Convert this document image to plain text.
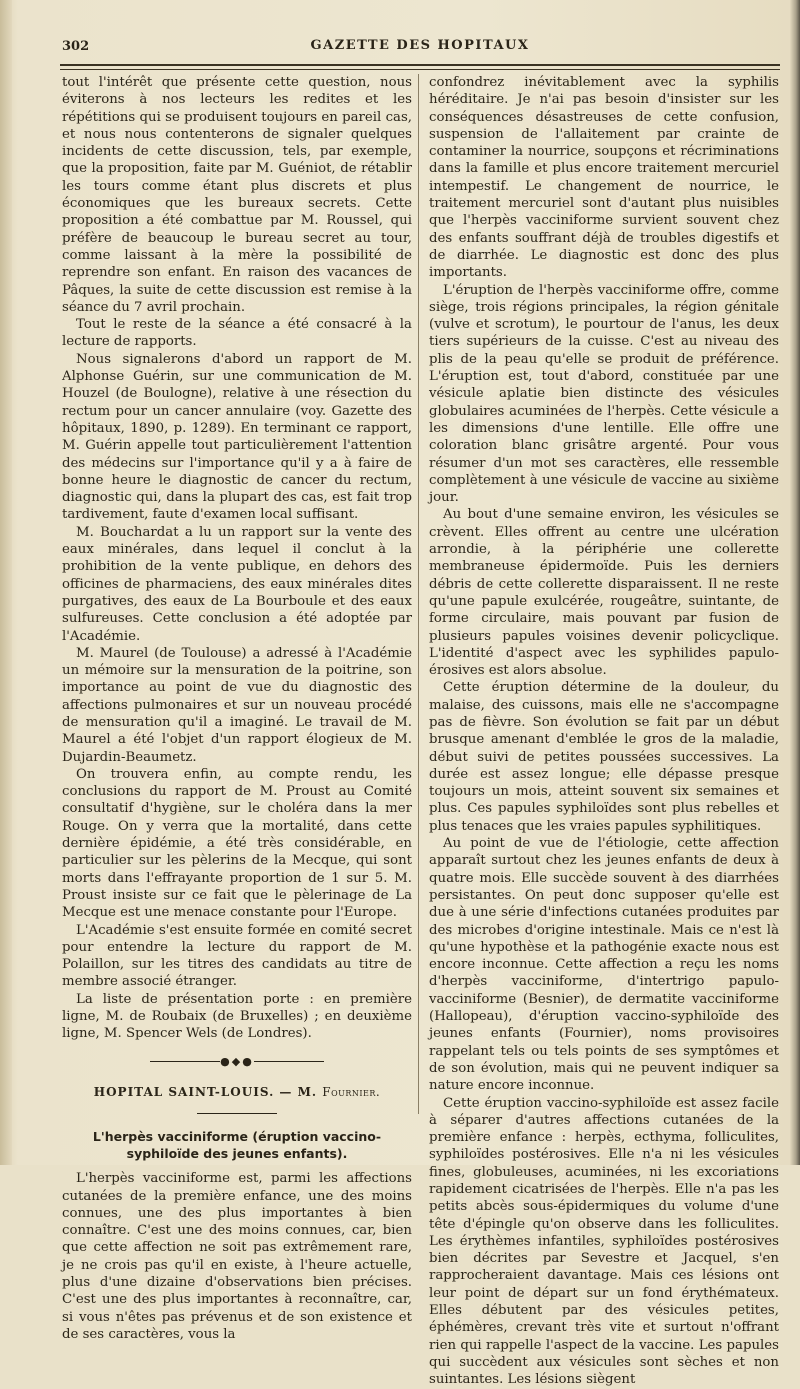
302	GAZETTE DES HOPITAUX

tout l'intérêt que présente cette question, nous éviterons à nos lecteurs les redites et les répétitions qui se produisent toujours en pareil cas, et nous nous contenterons de signaler quelques incidents de cette discussion, tels, par exemple, que la proposition, faite par M. Guéniot, de rétablir les tours comme étant plus discrets et plus économiques que les bureaux secrets. Cette proposition a été combattue par M. Roussel, qui préfère de beaucoup le bureau secret au tour, comme laissant à la mère la possibilité de reprendre son enfant. En raison des vacances de Pâques, la suite de cette discussion est remise à la séance du 7 avril prochain.

Tout le reste de la séance a été consacré à la lecture de rapports.

Nous signalerons d'abord un rapport de M. Alphonse Guérin, sur une communication de M. Houzel (de Boulogne), relative à une résection du rectum pour un cancer annulaire (voy. Gazette des hôpitaux, 1890, p. 1289). En terminant ce rapport, M. Guérin appelle tout particulièrement l'attention des médecins sur l'importance qu'il y a à faire de bonne heure le diagnostic de cancer du rectum, diagnostic qui, dans la plupart des cas, est fait trop tardivement, faute d'examen local suffisant.

M. Bouchardat a lu un rapport sur la vente des eaux minérales, dans lequel il conclut à la prohibition de la vente publique, en dehors des officines de pharmaciens, des eaux minérales dites purgatives, des eaux de La Bourboule et des eaux sulfureuses. Cette conclusion a été adoptée par l'Académie.

M. Maurel (de Toulouse) a adressé à l'Académie un mémoire sur la mensuration de la poitrine, son importance au point de vue du diagnostic des affections pulmonaires et sur un nouveau procédé de mensuration qu'il a imaginé. Le travail de M. Maurel a été l'objet d'un rapport élogieux de M. Dujardin-Beaumetz.

On trouvera enfin, au compte rendu, les conclusions du rapport de M. Proust au Comité consultatif d'hygiène, sur le choléra dans la mer Rouge. On y verra que la mortalité, dans cette dernière épidémie, a été très considérable, en particulier sur les pèlerins de la Mecque, qui sont morts dans l'effrayante proportion de 1 sur 5. M. Proust insiste sur ce fait que le pèlerinage de La Mecque est une menace constante pour l'Europe.

L'Académie s'est ensuite formée en comité secret pour entendre la lecture du rapport de M. Polaillon, sur les titres des candidats au titre de membre associé étranger.

La liste de présentation porte : en première ligne, M. de Roubaix (de Bruxelles) ; en deuxième ligne, M. Spencer Wels (de Londres).

●◆●
HOPITAL SAINT-LOUIS. — M. Fournier.
L'herpès vacciniforme (éruption vaccino-syphiloïde des jeunes enfants).

L'herpès vacciniforme est, parmi les affections cutanées de la première enfance, une des moins connues, une des plus importantes à bien connaître. C'est une des moins connues, car, bien que cette affection ne soit pas extrêmement rare, je ne crois pas qu'il en existe, à l'heure actuelle, plus d'une dizaine d'observations bien précises. C'est une des plus importantes à reconnaître, car, si vous n'êtes pas prévenus et de son existence et de ses caractères, vous la

confondrez inévitablement avec la syphilis héréditaire. Je n'ai pas besoin d'insister sur les conséquences désastreuses de cette confusion, suspension de l'allaitement par crainte de contaminer la nourrice, soupçons et récriminations dans la famille et plus encore traitement mercuriel intempestif. Le changement de nourrice, le traitement mercuriel sont d'autant plus nuisibles que l'herpès vacciniforme survient souvent chez des enfants souffrant déjà de troubles digestifs et de diarrhée. Le diagnostic est donc des plus importants.

L'éruption de l'herpès vacciniforme offre, comme siège, trois régions principales, la région génitale (vulve et scrotum), le pourtour de l'anus, les deux tiers supérieurs de la cuisse. C'est au niveau des plis de la peau qu'elle se produit de préférence. L'éruption est, tout d'abord, constituée par une vésicule aplatie bien distincte des vésicules globulaires acuminées de l'herpès. Cette vésicule a les dimensions d'une lentille. Elle offre une coloration blanc grisâtre argenté. Pour vous résumer d'un mot ses caractères, elle ressemble complètement à une vésicule de vaccine au sixième jour.

Au bout d'une semaine environ, les vésicules se crèvent. Elles offrent au centre une ulcération arrondie, à la périphérie une collerette membraneuse épidermoïde. Puis les derniers débris de cette collerette disparaissent. Il ne reste qu'une papule exulcérée, rougeâtre, suintante, de forme circulaire, mais pouvant par fusion de plusieurs papules voisines devenir policyclique. L'identité d'aspect avec les syphilides papulo-érosives est alors absolue.

Cette éruption détermine de la douleur, du malaise, des cuissons, mais elle ne s'accompagne pas de fièvre. Son évolution se fait par un début brusque amenant d'emblée le gros de la maladie, début suivi de petites poussées successives. La durée est assez longue; elle dépasse presque toujours un mois, atteint souvent six semaines et plus. Ces papules syphiloïdes sont plus rebelles et plus tenaces que les vraies papules syphilitiques.

Au point de vue de l'étiologie, cette affection apparaît surtout chez les jeunes enfants de deux à quatre mois. Elle succède souvent à des diarrhées persistantes. On peut donc supposer qu'elle est due à une série d'infections cutanées produites par des microbes d'origine intestinale. Mais ce n'est là qu'une hypothèse et la pathogénie exacte nous est encore inconnue. Cette affection a reçu les noms d'herpès vacciniforme, d'intertrigo papulo-vacciniforme (Besnier), de dermatite vacciniforme (Hallopeau), d'éruption vaccino-syphiloïde des jeunes enfants (Fournier), noms provisoires rappelant tels ou tels points de ses symptômes et de son évolution, mais qui ne peuvent indiquer sa nature encore inconnue.

Cette éruption vaccino-syphiloïde est assez facile à séparer d'autres affections cutanées de la première enfance : herpès, ecthyma, folliculites, syphiloïdes postérosives. Elle n'a ni les vésicules fines, globuleuses, acuminées, ni les excoriations rapidement cicatrisées de l'herpès. Elle n'a pas les petits abcès sous-épidermiques du volume d'une tête d'épingle qu'on observe dans les folliculites. Les érythèmes infantiles, syphiloïdes postérosives bien décrites par Sevestre et Jacquel, s'en rapprocheraient davantage. Mais ces lésions ont leur point de départ sur un fond érythémateux. Elles débutent par des vésicules petites, éphémères, crevant très vite et surtout n'offrant rien qui rappelle l'aspect de la vaccine. Les papules qui succèdent aux vésicules sont sèches et non suintantes. Les lésions siègent
